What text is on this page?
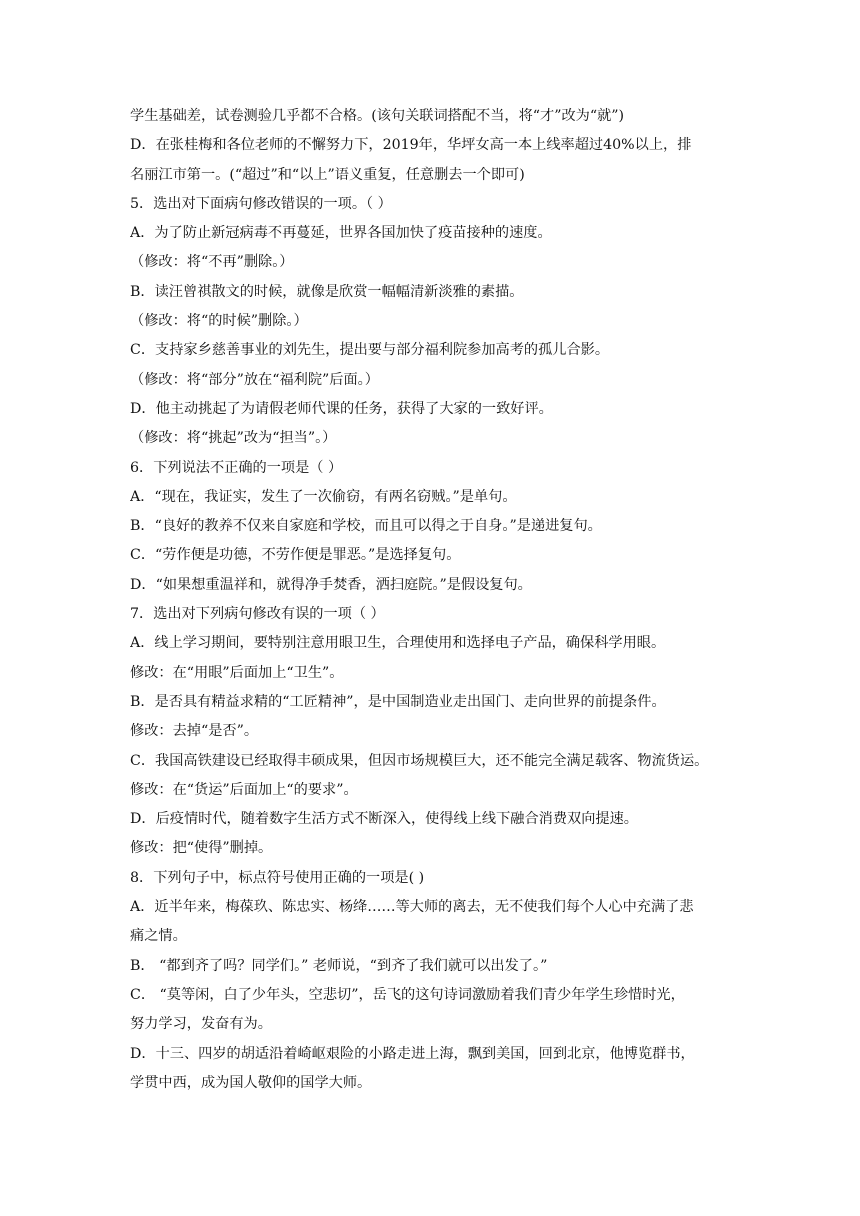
学生基础差，试卷测验几乎都不合格。(该句关联词搭配不当，将“才”改为“就”)
D．在张桂梅和各位老师的不懈努力下，2019年，华坪女高一本上线率超过40%以上，排
名丽江市第一。(“超过”和“以上”语义重复，任意删去一个即可)
5．选出对下面病句修改错误的一项。（ ）
A．为了防止新冠病毒不再蔓延，世界各国加快了疫苗接种的速度。
（修改：将“不再”删除。）
B．读汪曾祺散文的时候，就像是欣赏一幅幅清新淡雅的素描。
（修改：将“的时候”删除。）
C．支持家乡慈善事业的刘先生，提出要与部分福利院参加高考的孤儿合影。
（修改：将“部分”放在“福利院”后面。）
D．他主动挑起了为请假老师代课的任务，获得了大家的一致好评。
（修改：将“挑起”改为“担当”。）
6．下列说法不正确的一项是（ ）
A．“现在，我证实，发生了一次偷窃，有两名窃贼。”是单句。
B．“良好的教养不仅来自家庭和学校，而且可以得之于自身。”是递进复句。
C．“劳作便是功德，不劳作便是罪恶。”是选择复句。
D．“如果想重温祥和，就得净手焚香，洒扫庭院。”是假设复句。
7．选出对下列病句修改有误的一项（ ）
A．线上学习期间，要特别注意用眼卫生，合理使用和选择电子产品，确保科学用眼。
修改：在“用眼”后面加上“卫生”。
B．是否具有精益求精的“工匠精神”，是中国制造业走出国门、走向世界的前提条件。
修改：去掉“是否”。
C．我国高铁建设已经取得丰硕成果，但因市场规模巨大，还不能完全满足载客、物流货运。
修改：在“货运”后面加上“的要求”。
D．后疫情时代，随着数字生活方式不断深入，使得线上线下融合消费双向提速。
修改：把“使得”删掉。
8．下列句子中，标点符号使用正确的一项是( )
A．近半年来，梅葆玖、陈忠实、杨绛……等大师的离去，无不使我们每个人心中充满了悲
痛之情。
B． “都到齐了吗？同学们。” 老师说，“到齐了我们就可以出发了。”
C． “莫等闲，白了少年头，空悲切”，岳飞的这句诗词激励着我们青少年学生珍惜时光，
努力学习，发奋有为。
D．十三、四岁的胡适沿着崎岖艰险的小路走进上海，飘到美国，回到北京，他博览群书，
学贯中西，成为国人敬仰的国学大师。
